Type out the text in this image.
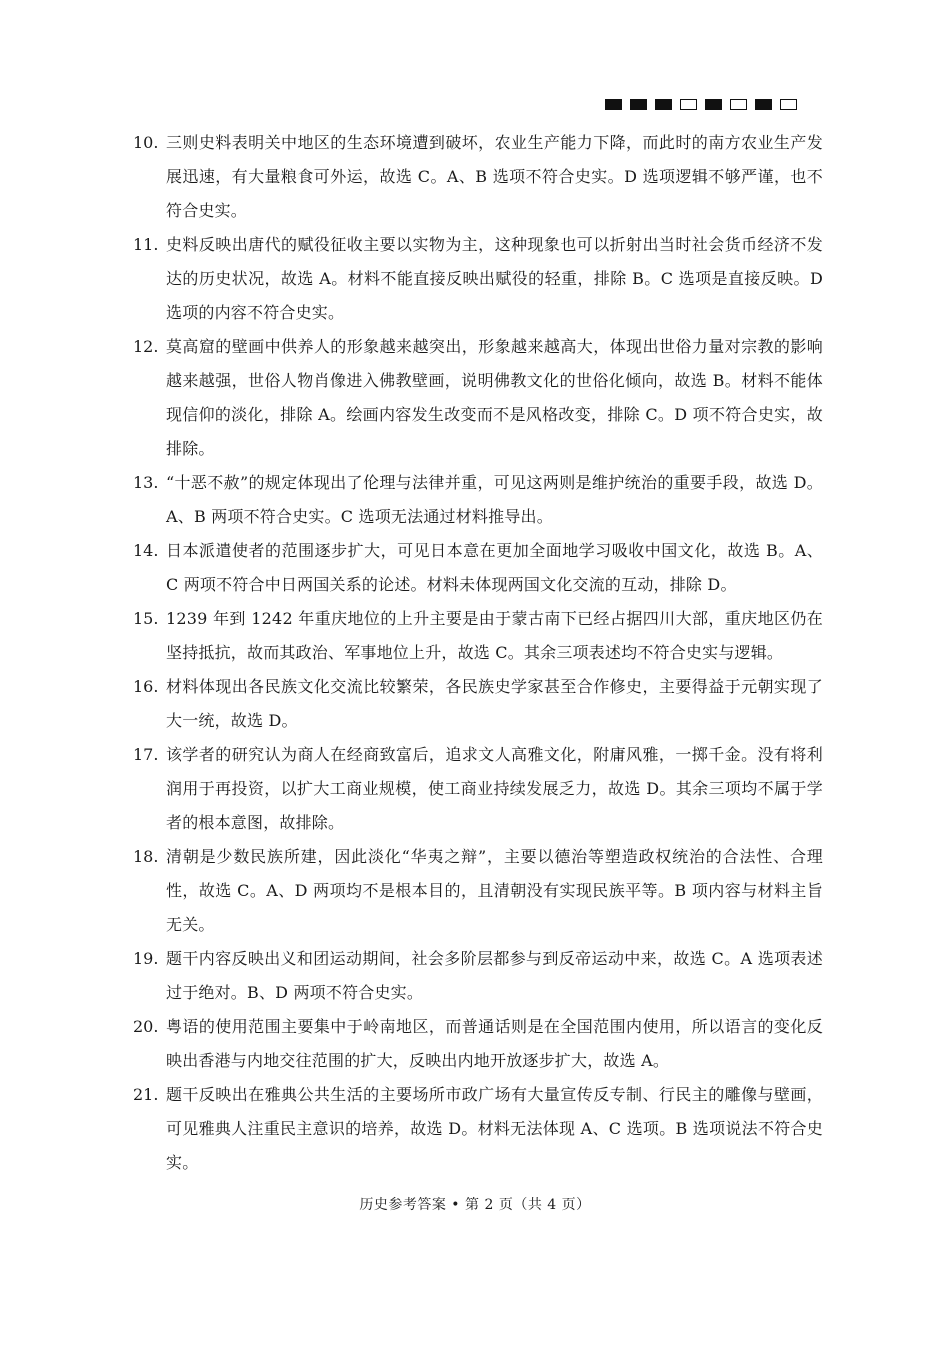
10. 三则史料表明关中地区的生态环境遭到破坏，农业生产能力下降，而此时的南方农业生产发展迅速，有大量粮食可外运，故选 C。A、B 选项不符合史实。D 选项逻辑不够严谨，也不符合史实。
11. 史料反映出唐代的赋役征收主要以实物为主，这种现象也可以折射出当时社会货币经济不发达的历史状况，故选 A。材料不能直接反映出赋役的轻重，排除 B。C 选项是直接反映。D 选项的内容不符合史实。
12. 莫高窟的壁画中供养人的形象越来越突出，形象越来越高大，体现出世俗力量对宗教的影响越来越强，世俗人物肖像进入佛教壁画，说明佛教文化的世俗化倾向，故选 B。材料不能体现信仰的淡化，排除 A。绘画内容发生改变而不是风格改变，排除 C。D 项不符合史实，故排除。
13. “十恶不赦”的规定体现出了伦理与法律并重，可见这两则是维护统治的重要手段，故选 D。A、B 两项不符合史实。C 选项无法通过材料推导出。
14. 日本派遣使者的范围逐步扩大，可见日本意在更加全面地学习吸收中国文化，故选 B。A、C 两项不符合中日两国关系的论述。材料未体现两国文化交流的互动，排除 D。
15. 1239 年到 1242 年重庆地位的上升主要是由于蒙古南下已经占据四川大部，重庆地区仍在坚持抵抗，故而其政治、军事地位上升，故选 C。其余三项表述均不符合史实与逻辑。
16. 材料体现出各民族文化交流比较繁荣，各民族史学家甚至合作修史，主要得益于元朝实现了大一统，故选 D。
17. 该学者的研究认为商人在经商致富后，追求文人高雅文化，附庸风雅，一掷千金。没有将利润用于再投资，以扩大工商业规模，使工商业持续发展乏力，故选 D。其余三项均不属于学者的根本意图，故排除。
18. 清朝是少数民族所建，因此淡化“华夷之辩”，主要以德治等塑造政权统治的合法性、合理性，故选 C。A、D 两项均不是根本目的，且清朝没有实现民族平等。B 项内容与材料主旨无关。
19. 题干内容反映出义和团运动期间，社会多阶层都参与到反帝运动中来，故选 C。A 选项表述过于绝对。B、D 两项不符合史实。
20. 粤语的使用范围主要集中于岭南地区，而普通话则是在全国范围内使用，所以语言的变化反映出香港与内地交往范围的扩大，反映出内地开放逐步扩大，故选 A。
21. 题干反映出在雅典公共生活的主要场所市政广场有大量宣传反专制、行民主的雕像与壁画，可见雅典人注重民主意识的培养，故选 D。材料无法体现 A、C 选项。B 选项说法不符合史实。
历史参考答案 • 第 2 页（共 4 页）
